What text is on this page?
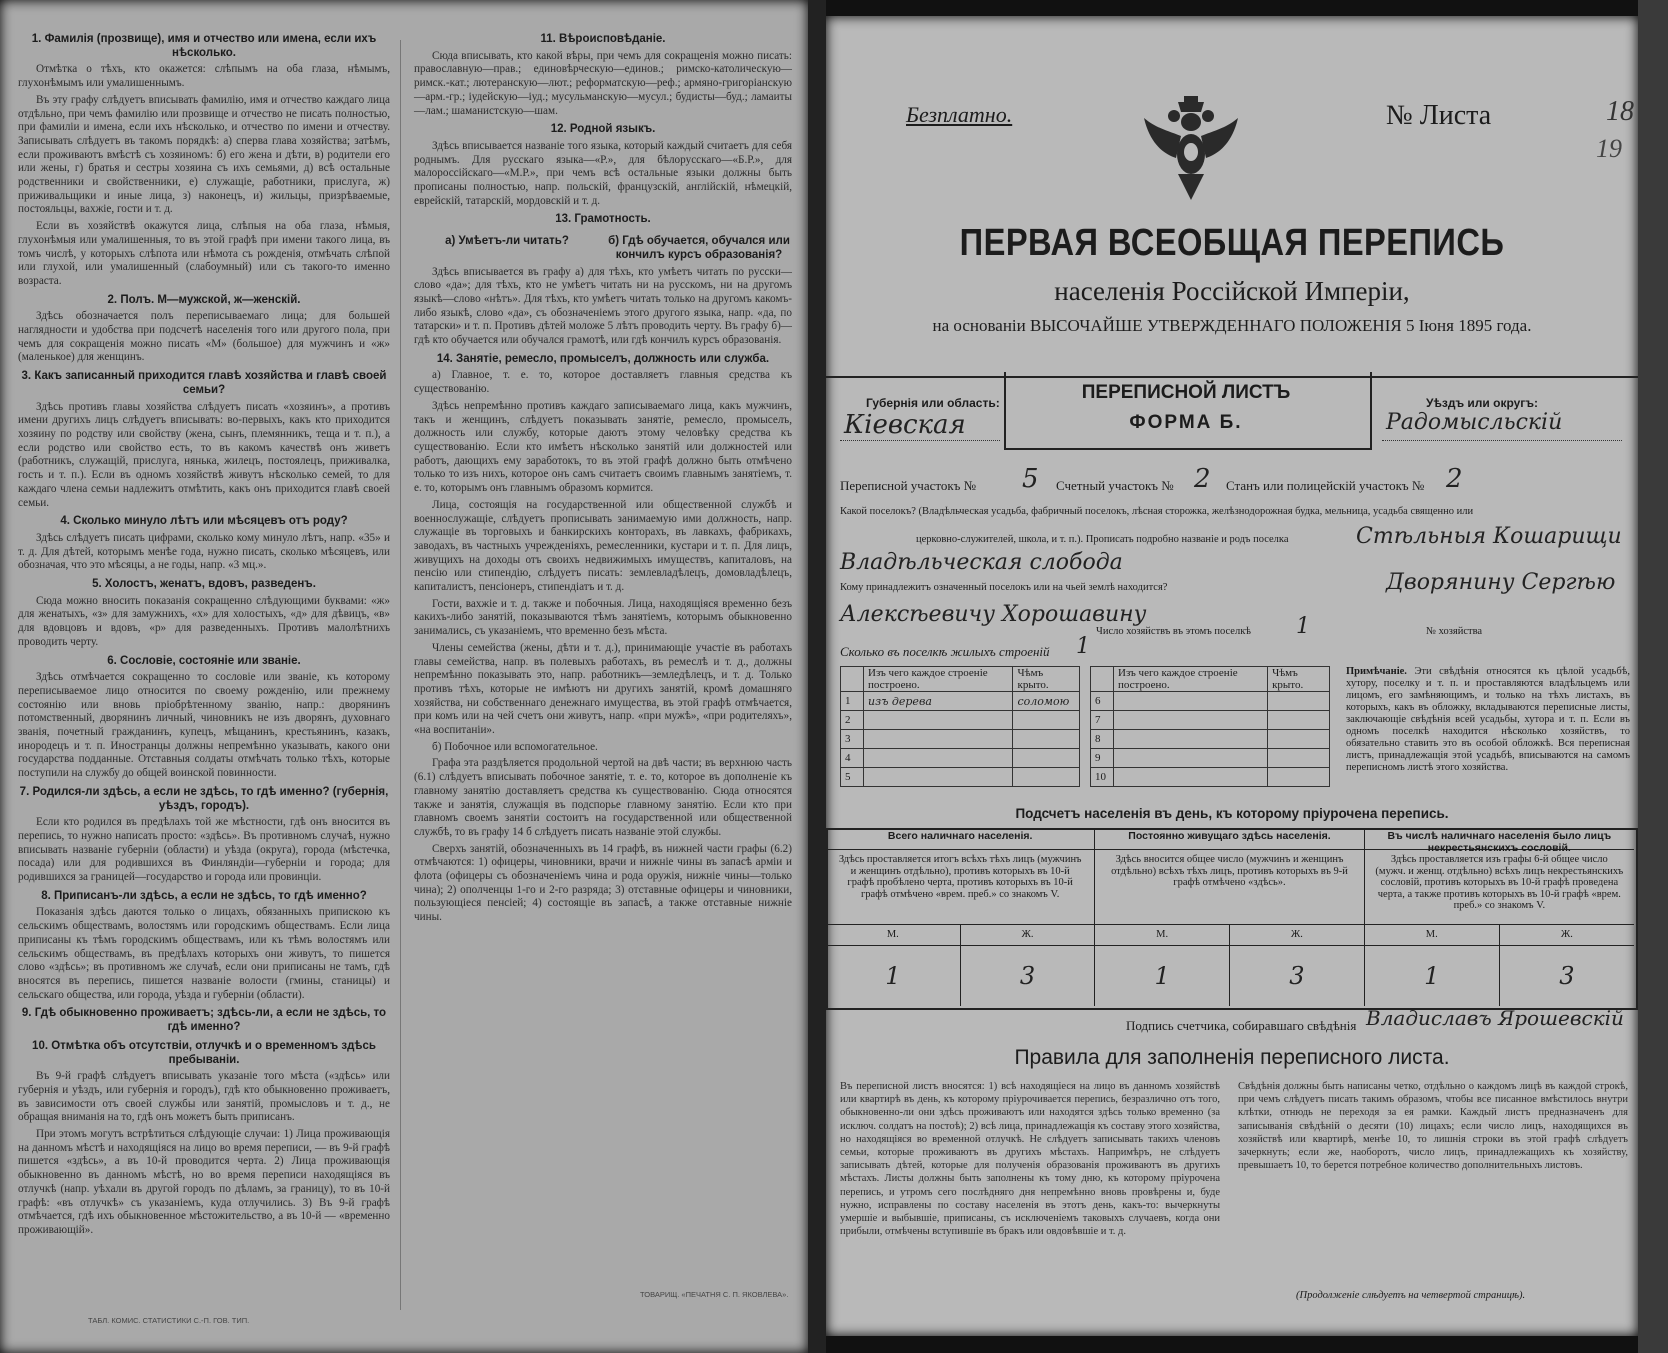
1. Фамилія (прозвище), имя и отчество или имена, если ихъ нѣсколько.
Отмѣтка о тѣхъ, кто окажется: слѣпымъ на оба глаза, нѣмымъ, глухонѣмымъ или умалишеннымъ.
Въ эту графу слѣдуетъ вписывать фамилію, имя и отчество каждаго лица отдѣльно, при чемъ фамилію или прозвище и отчество не писать полностью, при фамиліи и имена, если ихъ нѣсколько, и отчество по имени и отчеству. Записывать слѣдуетъ въ такомъ порядкѣ: а) сперва глава хозяйства; затѣмъ, если проживаютъ вмѣстѣ съ хозяиномъ: б) его жена и дѣти, в) родители его или жены, г) братья и сестры хозяина съ ихъ семьями, д) всѣ остальные родственники и свойственники, е) служащіе, работники, прислуга, ж) приживальщики и иные лица, з) наконецъ, и) жильцы, призрѣваемые, постояльцы, вахжіе, гости и т. д.
Если въ хозяйствѣ окажутся лица, слѣпыя на оба глаза, нѣмыя, глухонѣмыя или умалишенныя, то въ этой графѣ при имени такого лица, въ томъ числѣ, у которыхъ слѣпота или нѣмота съ рожденія, отмѣчать слѣпой или глухой, или умалишенный (слабоумный) или съ такого-то именно возраста.
2. Полъ. М—мужской, ж—женскій.
Здѣсь обозначается полъ переписываемаго лица; для большей наглядности и удобства при подсчетѣ населенія того или другого пола, при чемъ для сокращенія можно писать «М» (большое) для мужчинъ и «ж» (маленькое) для женщинъ.
3. Какъ записанный приходится главѣ хозяйства и главѣ своей семьи?
Здѣсь противъ главы хозяйства слѣдуетъ писать «хозяинъ», а противъ имени другихъ лицъ слѣдуетъ вписывать: во-первыхъ, какъ кто приходится хозяину по родству или свойству (жена, сынъ, племянникъ, теща и т. п.), а если родство или свойство есть, то въ какомъ качествѣ онъ живетъ (работникъ, служащій, прислуга, нянька, жилецъ, постоялецъ, приживалка, гость и т. п.). Если въ одномъ хозяйствѣ живутъ нѣсколько семей, то для каждаго члена семьи надлежитъ отмѣтить, какъ онъ приходится главѣ своей семьи.
4. Сколько минуло лѣтъ или мѣсяцевъ отъ роду?
Здѣсь слѣдуетъ писать цифрами, сколько кому минуло лѣтъ, напр. «35» и т. д. Для дѣтей, которымъ менѣе года, нужно писать, сколько мѣсяцевъ, или обозначая, что это мѣсяцы, а не годы, напр. «3 мц.».
5. Холостъ, женатъ, вдовъ, разведенъ.
Сюда можно вносить показанія сокращенно слѣдующими буквами: «ж» для женатыхъ, «з» для замужнихъ, «х» для холостыхъ, «д» для дѣвицъ, «в» для вдовцовъ и вдовъ, «р» для разведенныхъ. Противъ малолѣтнихъ проводить черту.
6. Сословіе, состояніе или званіе.
Здѣсь отмѣчается сокращенно то сословіе или званіе, къ которому переписываемое лицо относится по своему рожденію, или прежнему состоянію или вновь пріобрѣтенному званію, напр.: дворянинъ потомственный, дворянинъ личный, чиновникъ не изъ дворянъ, духовнаго званія, почетный гражданинъ, купецъ, мѣщанинъ, крестьянинъ, казакъ, инородецъ и т. п. Иностранцы должны непремѣнно указывать, какого они государства подданные. Отставныя солдаты отмѣчать только тѣхъ, которые поступили на службу до общей воинской повинности.
7. Родился-ли здѣсь, а если не здѣсь, то гдѣ именно? (губернія, уѣздъ, городъ).
Если кто родился въ предѣлахъ той же мѣстности, гдѣ онъ вносится въ перепись, то нужно написать просто: «здѣсь». Въ противномъ случаѣ, нужно вписывать названіе губерніи (области) и уѣзда (округа), города (мѣстечка, посада) или для родившихся въ Финляндіи—губерніи и города; для родившихся за границей—государство и города или провинціи.
8. Приписанъ-ли здѣсь, а если не здѣсь, то гдѣ именно?
Показанія здѣсь даются только о лицахъ, обязанныхъ припискою къ сельскимъ обществамъ, волостямъ или городскимъ обществамъ. Если лица приписаны къ тѣмъ городскимъ обществамъ, или къ тѣмъ волостямъ или сельскимъ обществамъ, въ предѣлахъ которыхъ они живутъ, то пишется слово «здѣсь»; въ противномъ же случаѣ, если они приписаны не тамъ, гдѣ вносятся въ перепись, пишется названіе волости (гмины, станицы) и сельскаго общества, или города, уѣзда и губерніи (области).
9. Гдѣ обыкновенно проживаетъ; здѣсь-ли, а если не здѣсь, то гдѣ именно?
10. Отмѣтка объ отсутствіи, отлучкѣ и о временномъ здѣсь пребываніи.
Въ 9-й графѣ слѣдуетъ вписывать указаніе того мѣста («здѣсь» или губернія и уѣздъ, или губернія и городъ), гдѣ кто обыкновенно проживаетъ, въ зависимости отъ своей службы или занятій, промысловъ и т. д., не обращая вниманія на то, гдѣ онъ можетъ быть приписанъ.
При этомъ могутъ встрѣтиться слѣдующіе случаи: 1) Лица проживающія на данномъ мѣстѣ и находящіяся на лицо во время переписи, — въ 9-й графѣ пишется «здѣсь», а въ 10-й проводится черта. 2) Лица проживающія обыкновенно въ данномъ мѣстѣ, но во время переписи находящіяся въ отлучкѣ (напр. уѣхали въ другой городъ по дѣламъ, за границу), то въ 10-й графѣ: «въ отлучкѣ» съ указаніемъ, куда отлучились. 3) Въ 9-й графѣ отмѣчается, гдѣ ихъ обыкновенное мѣстожительство, а въ 10-й — «временно проживающій».
11. Вѣроисповѣданіе.
Сюда вписывать, кто какой вѣры, при чемъ для сокращенія можно писать: православную—прав.; единовѣрческую—единов.; римско-католическую—римск.-кат.; лютеранскую—лют.; реформатскую—реф.; армяно-григоріанскую—арм.-гр.; іудейскую—іуд.; мусульманскую—мусул.; будисты—буд.; ламаиты—лам.; шаманистскую—шам.
12. Родной языкъ.
Здѣсь вписывается названіе того языка, который каждый считаетъ для себя роднымъ. Для русскаго языка—«Р.», для бѣлорусскаго—«Б.Р.», для малороссійскаго—«М.Р.», при чемъ всѣ остальные языки должны быть прописаны полностью, напр. польскій, французскій, англійскій, нѣмецкій, еврейскій, татарскій, мордовскій и т. д.
13. Грамотность.
а) Умѣетъ-ли читать?	б) Гдѣ обучается, обучался или кончилъ курсъ образованія?
Здѣсь вписывается въ графу а) для тѣхъ, кто умѣетъ читать по русски—слово «да»; для тѣхъ, кто не умѣетъ читать ни на русскомъ, ни на другомъ языкѣ—слово «нѣтъ». Для тѣхъ, кто умѣетъ читать только на другомъ какомъ-либо языкѣ, слово «да», съ обозначеніемъ этого другого языка, напр. «да, по татарски» и т. п. Противъ дѣтей моложе 5 лѣтъ проводить черту. Въ графу б)—гдѣ кто обучается или обучался грамотѣ, или гдѣ кончилъ курсъ образованія.
14. Занятіе, ремесло, промыселъ, должность или служба.
а) Главное, т. е. то, которое доставляетъ главныя средства къ существованію.
Здѣсь непремѣнно противъ каждаго записываемаго лица, какъ мужчинъ, такъ и женщинъ, слѣдуетъ показывать занятіе, ремесло, промыселъ, должность или службу, которые даютъ этому человѣку средства къ существованію. Если кто имѣетъ нѣсколько занятій или должностей или работъ, дающихъ ему заработокъ, то въ этой графѣ должно быть отмѣчено только то изъ нихъ, которое онъ самъ считаетъ своимъ главнымъ занятіемъ, т. е. то, которымъ онъ главнымъ образомъ кормится.
Лица, состоящія на государственной или общественной службѣ и военнослужащіе, слѣдуетъ прописывать занимаемую ими должность, напр. служащіе въ торговыхъ и банкирскихъ конторахъ, въ лавкахъ, фабрикахъ, заводахъ, въ частныхъ учрежденіяхъ, ремесленники, кустари и т. п. Для лицъ, живущихъ на доходы отъ своихъ недвижимыхъ имуществъ, капиталовъ, на пенсію или стипендію, слѣдуетъ писать: землевладѣлецъ, домовладѣлецъ, капиталистъ, пенсіонеръ, стипендіатъ и т. д.
Гости, вахжіе и т. д. также и побочныя. Лица, находящіяся временно безъ какихъ-либо занятій, показываются тѣмъ занятіемъ, которымъ обыкновенно занимались, съ указаніемъ, что временно безъ мѣста.
Члены семейства (жены, дѣти и т. д.), принимающіе участіе въ работахъ главы семейства, напр. въ полевыхъ работахъ, въ ремеслѣ и т. д., должны непремѣнно показывать это, напр. работникъ—земледѣлецъ, и т. д. Только противъ тѣхъ, которые не имѣютъ ни другихъ занятій, кромѣ домашняго хозяйства, ни собственнаго денежнаго имущества, въ этой графѣ отмѣчается, при комъ или на чей счетъ они живутъ, напр. «при мужѣ», «при родителяхъ», «на воспитаніи».
б) Побочное или вспомогательное.
Графа эта раздѣляется продольной чертой на двѣ части; въ верхнюю часть (6.1) слѣдуетъ вписывать побочное занятіе, т. е. то, которое въ дополненіе къ главному занятію доставляетъ средства къ существованію. Сюда относятся также и занятія, служащія въ подспорье главному занятію. Если кто при главномъ своемъ занятіи состоитъ на государственной или общественной службѣ, то въ графу 14 б слѣдуетъ писать названіе этой службы.
Сверхъ занятій, обозначенныхъ въ 14 графѣ, въ нижней части графы (6.2) отмѣчаются: 1) офицеры, чиновники, врачи и нижніе чины въ запасѣ арміи и флота (офицеры съ обозначеніемъ чина и рода оружія, нижніе чины—только чина); 2) ополченцы 1-го и 2-го разряда; 3) отставные офицеры и чиновники, пользующіеся пенсіей; 4) состоящіе въ запасѣ, а также отставные нижніе чины.
ТАБЛ. КОМИС. СТАТИСТИКИ С.-П. ГОВ. ТИП.
ТОВАРИЩ. «ПЕЧАТНЯ С. П. ЯКОВЛЕВА».
Безплатно.	№ Листа	18
19
ПЕРВАЯ ВСЕОБЩАЯ ПЕРЕПИСЬ
населенія Россійской Имперіи,
на основаніи ВЫСОЧАЙШЕ УТВЕРЖДЕННАГО ПОЛОЖЕНІЯ 5 Іюня 1895 года.
ПЕРЕПИСНОЙ ЛИСТЪ
ФОРМА Б.
Губернія или область:
Кіевская
Уѣздъ или округъ:
Радомысльскій
Переписной участокъ № 5 Счетный участокъ № 2 Станъ или полицейскій участокъ № 2
Какой поселокъ? (Владѣльческая усадьба, фабричный поселокъ, лѣсная сторожка, желѣзнодорожная будка, мельница, усадьба священно или
церковно-служителей, школа, и т. п.). Прописать подробно названіе и родъ поселка	Стѣльныя Кошарищи
Владѣльческая слобода
Кому принадлежитъ означенный поселокъ или на чьей землѣ находится?	Дворянину Сергѣю
Алексѣевичу Хорошавину
Число хозяйствъ въ этомъ поселкѣ 1	№ хозяйства
Сколько въ поселкѣ жилыхъ строеній 1
	Изъ чего каждое строеніе построено.	Чѣмъ крыто.
1	изъ дерева	соломою
2		
3		
4		
5		
	Изъ чего каждое строеніе построено.	Чѣмъ крыто.
6		
7		
8		
9		
10		
Примѣчаніе. Эти свѣдѣнія относятся къ цѣлой усадьбѣ, хутору, поселку и т. п. и проставляются владѣльцемъ или лицомъ, его замѣняющимъ, и только на тѣхъ листахъ, въ которыхъ, какъ въ обложку, вкладываются переписные листы, заключающіе свѣдѣнія всей усадьбы, хутора и т. п. Если въ одномъ поселкѣ находится нѣсколько хозяйствъ, то обязательно ставить это въ особой обложкѣ. Вся переписная листъ, принадлежащія этой усадьбѣ, вписываются на самомъ переписномъ листѣ этого хозяйства.
Подсчетъ населенія въ день, къ которому пріурочена перепись.
Всего наличнаго населенія.
Здѣсь проставляется итогъ всѣхъ тѣхъ лицъ (мужчинъ и женщинъ отдѣльно), противъ которыхъ въ 10-й графѣ пробѣлено черта, противъ которыхъ въ 10-й графѣ отмѣчено «врем. преб.» со знакомъ V.
М.	Ж.
1	3
Постоянно живущаго здѣсь населенія.
Здѣсь вносится общее число (мужчинъ и женщинъ отдѣльно) всѣхъ тѣхъ лицъ, противъ которыхъ въ 9-й графѣ отмѣчено «здѣсь».
М.	Ж.
1	3
Въ числѣ наличнаго населенія было лицъ некрестьянскихъ сословій.
Здѣсь проставляется изъ графы 6-й общее число (мужч. и женщ. отдѣльно) всѣхъ лицъ некрестьянскихъ сословій, противъ которыхъ въ 10-й графѣ проведена черта, а также противъ которыхъ въ 10-й графѣ «врем. преб.» со знакомъ V.
М.	Ж.
1	3
Подпись счетчика, собиравшаго свѣдѣнія Владиславъ Ярошевскій
Правила для заполненія переписного листа.
Въ переписной листъ вносятся: 1) всѣ находящіеся на лицо въ данномъ хозяйствѣ или квартирѣ въ день, къ которому пріурочивается перепись, безразлично отъ того, обыкновенно-ли они здѣсь проживаютъ или находятся здѣсь только временно (за исключ. солдатъ на постоѣ); 2) всѣ лица, принадлежащія къ составу этого хозяйства, но находящіяся во временной отлучкѣ. Не слѣдуетъ записывать такихъ членовъ семьи, которые проживаютъ въ другихъ мѣстахъ. Напримѣръ, не слѣдуетъ записывать дѣтей, которые для полученія образованія проживаютъ въ другихъ мѣстахъ. Листы должны быть заполнены къ тому дню, къ которому пріурочена перепись, и утромъ сего послѣдняго дня непремѣнно вновь провѣрены и, буде нужно, исправлены по составу населенія въ этотъ день, какъ-то: вычеркнуты умершіе и выбывшіе, приписаны, съ исключеніемъ таковыхъ случаевъ, когда они прибыли, отмѣчены вступившіе въ бракъ или овдовѣвшіе и т. д.
Свѣдѣнія должны быть написаны четко, отдѣльно о каждомъ лицѣ въ каждой строкѣ, при чемъ слѣдуетъ писать такимъ образомъ, чтобы все писанное вмѣстилось внутри клѣтки, отнюдь не переходя за ея рамки. Каждый листъ предназначенъ для записыванія свѣдѣній о десяти (10) лицахъ; если число лицъ, находящихся въ хозяйствѣ или квартирѣ, менѣе 10, то лишнія строки въ этой графѣ слѣдуетъ зачеркнуть; если же, наоборотъ, число лицъ, принадлежащихъ къ хозяйству, превышаетъ 10, то берется потребное количество дополнительныхъ листовъ.
(Продолженіе слѣдуетъ на четвертой страницѣ).
